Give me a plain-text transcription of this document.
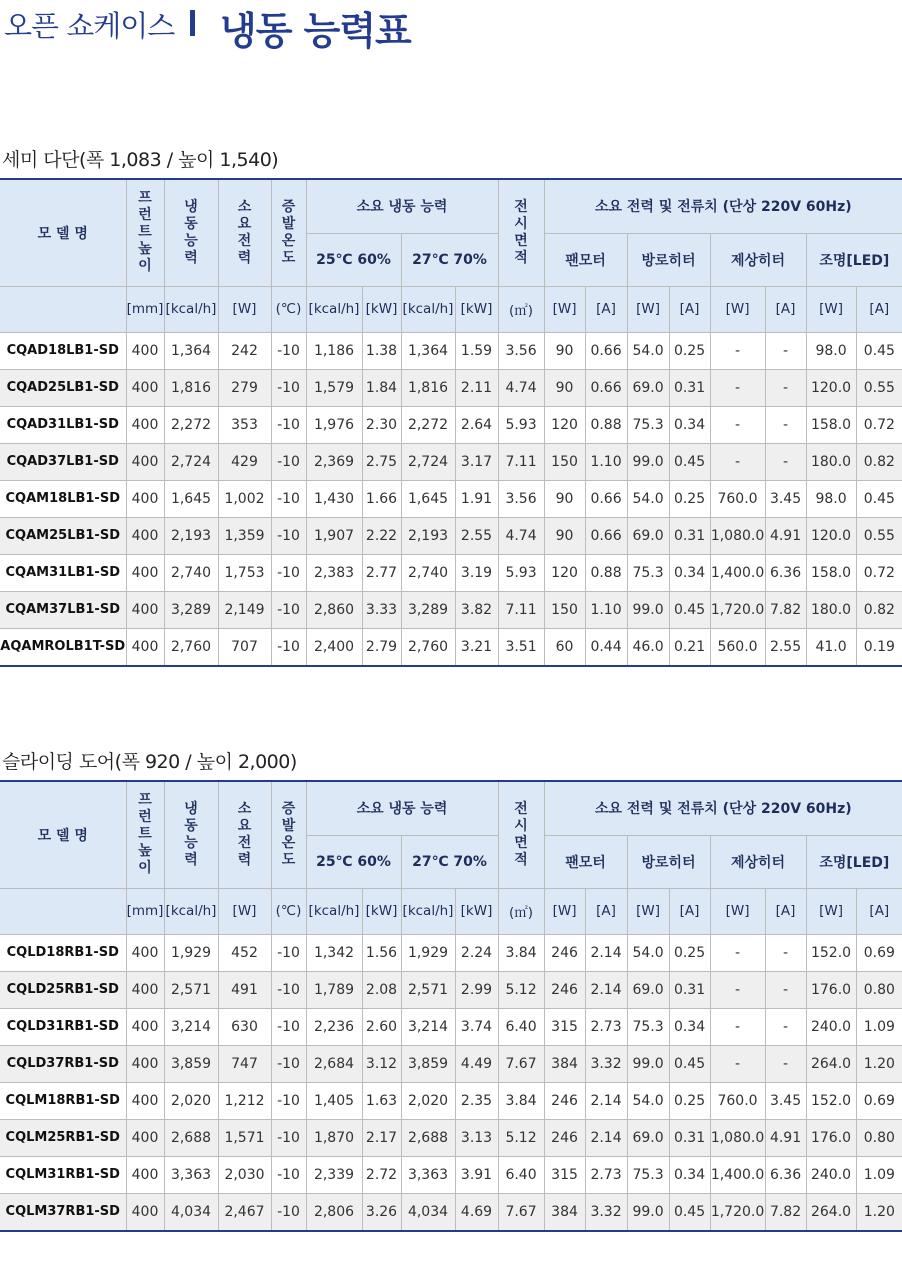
오픈 쇼케이스 냉동 능력표
세미 다단(폭 1,083 / 높이 1,540)
모 델 명	프런트높이	냉동능력	소요전력	증발온도	소요 냉동 능력				전시면적	소요 전력 및 전류치 (단상 220V 60Hz)							
					25℃ 60%		27℃ 70%			팬모터		방로히터		제상히터		조명[LED]	
	[mm]	[kcal/h]	[W]	(℃)	[kcal/h]	[kW]	[kcal/h]	[kW]	(㎡)	[W]	[A]	[W]	[A]	[W]	[A]	[W]	[A]
CQAD18LB1-SD	400	1,364	242	-10	1,186	1.38	1,364	1.59	3.56	90	0.66	54.0	0.25	-	-	98.0	0.45
CQAD25LB1-SD	400	1,816	279	-10	1,579	1.84	1,816	2.11	4.74	90	0.66	69.0	0.31	-	-	120.0	0.55
CQAD31LB1-SD	400	2,272	353	-10	1,976	2.30	2,272	2.64	5.93	120	0.88	75.3	0.34	-	-	158.0	0.72
CQAD37LB1-SD	400	2,724	429	-10	2,369	2.75	2,724	3.17	7.11	150	1.10	99.0	0.45	-	-	180.0	0.82
CQAM18LB1-SD	400	1,645	1,002	-10	1,430	1.66	1,645	1.91	3.56	90	0.66	54.0	0.25	760.0	3.45	98.0	0.45
CQAM25LB1-SD	400	2,193	1,359	-10	1,907	2.22	2,193	2.55	4.74	90	0.66	69.0	0.31	1,080.0	4.91	120.0	0.55
CQAM31LB1-SD	400	2,740	1,753	-10	2,383	2.77	2,740	3.19	5.93	120	0.88	75.3	0.34	1,400.0	6.36	158.0	0.72
CQAM37LB1-SD	400	3,289	2,149	-10	2,860	3.33	3,289	3.82	7.11	150	1.10	99.0	0.45	1,720.0	7.82	180.0	0.82
AQAMROLB1T-SD	400	2,760	707	-10	2,400	2.79	2,760	3.21	3.51	60	0.44	46.0	0.21	560.0	2.55	41.0	0.19
슬라이딩 도어(폭 920 / 높이 2,000)
모 델 명	프런트높이	냉동능력	소요전력	증발온도	소요 냉동 능력				전시면적	소요 전력 및 전류치 (단상 220V 60Hz)							
					25℃ 60%		27℃ 70%			팬모터		방로히터		제상히터		조명[LED]	
	[mm]	[kcal/h]	[W]	(℃)	[kcal/h]	[kW]	[kcal/h]	[kW]	(㎡)	[W]	[A]	[W]	[A]	[W]	[A]	[W]	[A]
CQLD18RB1-SD	400	1,929	452	-10	1,342	1.56	1,929	2.24	3.84	246	2.14	54.0	0.25	-	-	152.0	0.69
CQLD25RB1-SD	400	2,571	491	-10	1,789	2.08	2,571	2.99	5.12	246	2.14	69.0	0.31	-	-	176.0	0.80
CQLD31RB1-SD	400	3,214	630	-10	2,236	2.60	3,214	3.74	6.40	315	2.73	75.3	0.34	-	-	240.0	1.09
CQLD37RB1-SD	400	3,859	747	-10	2,684	3.12	3,859	4.49	7.67	384	3.32	99.0	0.45	-	-	264.0	1.20
CQLM18RB1-SD	400	2,020	1,212	-10	1,405	1.63	2,020	2.35	3.84	246	2.14	54.0	0.25	760.0	3.45	152.0	0.69
CQLM25RB1-SD	400	2,688	1,571	-10	1,870	2.17	2,688	3.13	5.12	246	2.14	69.0	0.31	1,080.0	4.91	176.0	0.80
CQLM31RB1-SD	400	3,363	2,030	-10	2,339	2.72	3,363	3.91	6.40	315	2.73	75.3	0.34	1,400.0	6.36	240.0	1.09
CQLM37RB1-SD	400	4,034	2,467	-10	2,806	3.26	4,034	4.69	7.67	384	3.32	99.0	0.45	1,720.0	7.82	264.0	1.20
